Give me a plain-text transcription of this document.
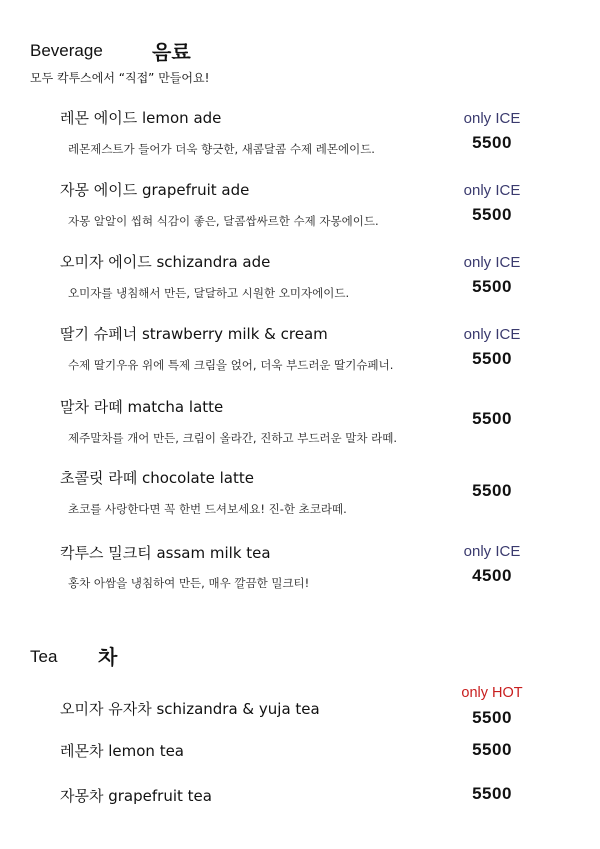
Beverage 음료
모두 칵투스에서 “직접” 만들어요!
레몬 에이드 lemon ade
레몬제스트가 들어가 더욱 향긋한, 새콤달콤 수제 레몬에이드.
only ICE
5500
자몽 에이드 grapefruit ade
자몽 알알이 씹혀 식감이 좋은, 달콤쌉싸르한 수제 자몽에이드.
only ICE
5500
오미자 에이드 schizandra ade
오미자를 냉침해서 만든, 달달하고 시원한 오미자에이드.
only ICE
5500
딸기 슈페너 strawberry milk & cream
수제 딸기우유 위에 특제 크림을 얹어, 더욱 부드러운 딸기슈페너.
only ICE
5500
말차 라떼 matcha latte
제주말차를 개어 만든, 크림이 올라간, 진하고 부드러운 말차 라떼.
5500
초콜릿 라떼 chocolate latte
초코를 사랑한다면 꼭 한번 드셔보세요! 진-한 초코라떼.
5500
칵투스 밀크티 assam milk tea
홍차 아쌈을 냉침하여 만든, 매우 깔끔한 밀크티!
only ICE
4500
Tea 차
only HOT
오미자 유자차 schizandra & yuja tea	5500
레몬차 lemon tea	5500
자몽차 grapefruit tea	5500
